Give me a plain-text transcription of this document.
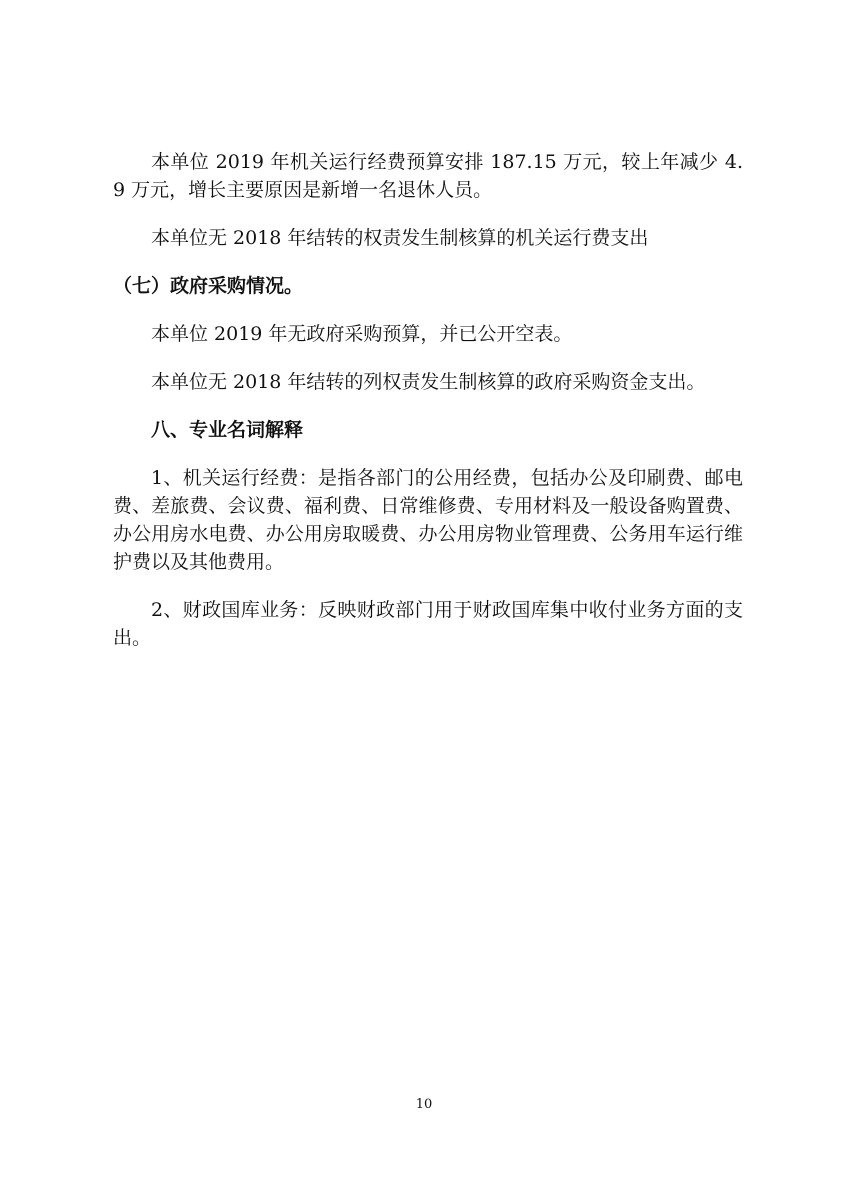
本单位 2019 年机关运行经费预算安排 187.15 万元，较上年减少 4.9 万元，增长主要原因是新增一名退休人员。

本单位无 2018 年结转的权责发生制核算的机关运行费支出

（七）政府采购情况。

本单位 2019 年无政府采购预算，并已公开空表。

本单位无 2018 年结转的列权责发生制核算的政府采购资金支出。

八、专业名词解释

1、机关运行经费：是指各部门的公用经费，包括办公及印刷费、邮电费、差旅费、会议费、福利费、日常维修费、专用材料及一般设备购置费、办公用房水电费、办公用房取暖费、办公用房物业管理费、公务用车运行维护费以及其他费用。

2、财政国库业务：反映财政部门用于财政国库集中收付业务方面的支出。

10
